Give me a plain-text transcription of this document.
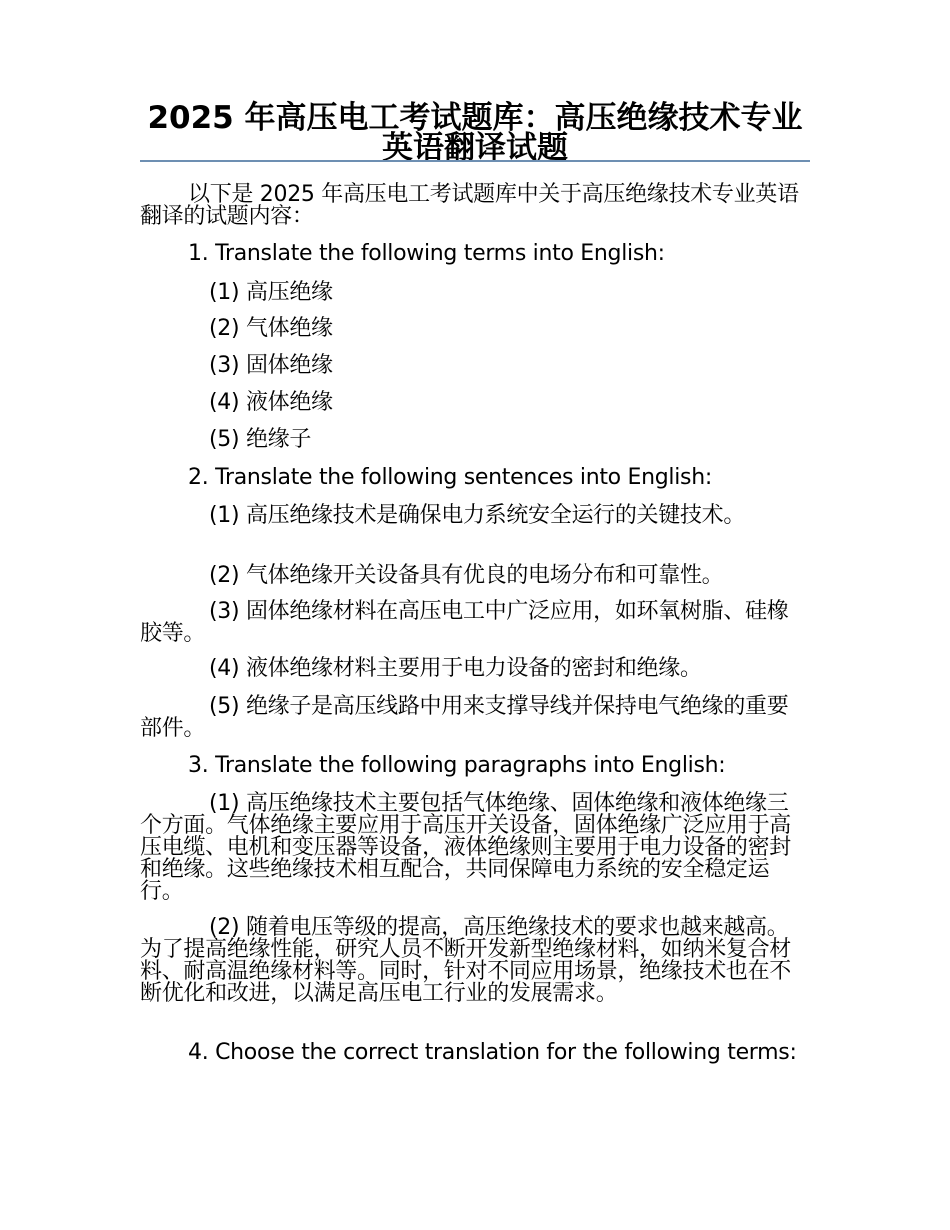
2025 年高压电工考试题库：高压绝缘技术专业英语翻译试题

以下是 2025 年高压电工考试题库中关于高压绝缘技术专业英语翻译的试题内容：

1. Translate the following terms into English:

(1) 高压绝缘

(2) 气体绝缘

(3) 固体绝缘

(4) 液体绝缘

(5) 绝缘子

2. Translate the following sentences into English:

(1) 高压绝缘技术是确保电力系统安全运行的关键技术。

(2) 气体绝缘开关设备具有优良的电场分布和可靠性。

(3) 固体绝缘材料在高压电工中广泛应用，如环氧树脂、硅橡胶等。

(4) 液体绝缘材料主要用于电力设备的密封和绝缘。

(5) 绝缘子是高压线路中用来支撑导线并保持电气绝缘的重要部件。

3. Translate the following paragraphs into English:

(1) 高压绝缘技术主要包括气体绝缘、固体绝缘和液体绝缘三个方面。气体绝缘主要应用于高压开关设备，固体绝缘广泛应用于高压电缆、电机和变压器等设备，液体绝缘则主要用于电力设备的密封和绝缘。这些绝缘技术相互配合，共同保障电力系统的安全稳定运行。

(2) 随着电压等级的提高，高压绝缘技术的要求也越来越高。为了提高绝缘性能，研究人员不断开发新型绝缘材料，如纳米复合材料、耐高温绝缘材料等。同时，针对不同应用场景，绝缘技术也在不断优化和改进，以满足高压电工行业的发展需求。

4. Choose the correct translation for the following terms:
